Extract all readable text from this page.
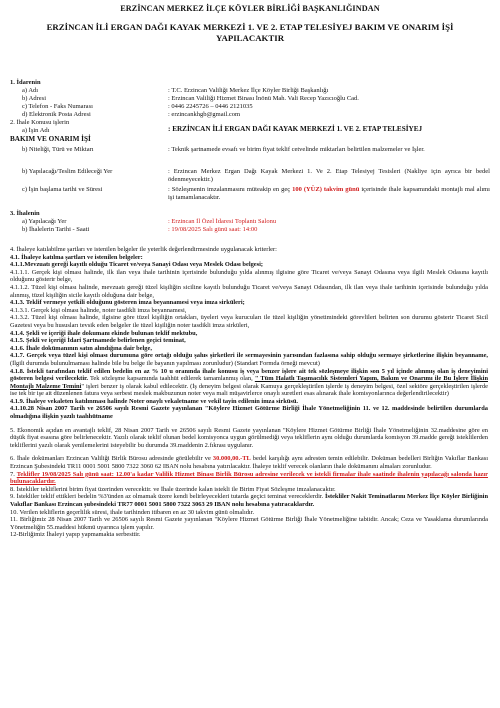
ERZİNCAN MERKEZ İLÇE KÖYLER BİRLİĞİ BAŞKANLIĞINDAN
ERZİNCAN İLİ ERGAN DAĞI KAYAK MERKEZİ 1. VE 2. ETAP TELESİYEJ BAKIM VE ONARIM İŞİ
YAPILACAKTIR
1. İdarenin
a) Adı	: T.C. Erzincan Valiliği Merkez İlçe Köyler Birliği Başkanlığı
b) Adresi	: Erzincan Valiliği Hizmet Binası İnönü Mah. Vali Recep Yazıcıoğlu Cad.
c) Telefon - Faks Numarası	: 0446 2245726 – 0446 2121035
d) Elektronik Posta Adresi	: erzincankhgb@gmail.com
2. İhale Konusu işlerin
a) İşin Adı	: ERZİNCAN İLİ ERGAN DAĞI KAYAK MERKEZİ 1. VE 2. ETAP TELESİYEJ
BAKIM VE ONARIM İŞİ
b) Niteliği, Türü ve Miktarı	: Teknik şartnamede evsafı ve birim fiyat teklif cetvelinde miktarları belirtilen malzemeler ve İşler.
b) Yapılacağı/Teslim Edileceği Yer	: Erzincan Merkez Ergan Dağı Kayak Merkezi 1. Ve 2. Etap Telesiyej Tesisleri (Nakliye için ayrıca bir bedel ödenmeyecektir.)
c) İşin başlama tarihi ve Süresi	: Sözleşmenin imzalanmasını müteakip en geç 100 (YÜZ) takvim günü içerisinde ihale kapsamındaki montajlı mal alımı işi tamamlanacaktır.
3. İhalenin
a) Yapılacağı Yer	: Erzincan İl Özel İdaresi Toplantı Salonu
b) İhalelerin Tarihi - Saati	: 19/08/2025 Salı günü saat: 14:00
4. İhaleye katılabilme şartları ve istenilen belgeler ile yeterlik değerlendirmesinde uygulanacak kriterler:
4.1. İhaleye katılma şartları ve istenilen belgeler:
4.1.1.Mevzuatı gereği kayıtlı olduğu Ticaret ve/veya Sanayi Odası veya Meslek Odası belgesi;
4.1.1.1. Gerçek kişi olması halinde, ilk ilan veya ihale tarihinin içerisinde bulunduğu yılda alınmış ilgisine göre Ticaret ve/veya Sanayi Odasına veya ilgili Meslek Odasına kayıtlı olduğunu gösterir belge,
4.1.1.2. Tüzel kişi olması halinde, mevzuatı gereği tüzel kişiliğin siciline kayıtlı bulunduğu Ticaret ve/veya Sanayi Odasından, ilk ilan veya ihale tarihinin içerisinde bulunduğu yılda alınmış, tüzel kişiliğin sicile kayıtlı olduğuna dair belge,
4.1.3. Teklif vermeye yetkili olduğunu gösteren imza beyannamesi veya imza sirküleri;
4.1.3.1. Gerçek kişi olması halinde, noter tasdikli imza beyannamesi,
4.1.3.2. Tüzel kişi olması halinde, ilgisine göre tüzel kişiliğin ortakları, üyeleri veya kurucuları ile tüzel kişiliğin yönetimindeki görevlileri belirten son durumu gösterir Ticaret Sicil Gazetesi veya bu hususları tevsik eden belgeler ile tüzel kişiliğin noter tasdikli imza sirküleri,
4.1.4. Şekli ve içeriği ihale dokumanı ekinde bulunan teklif mektubu,
4.1.5. Şekli ve içeriği İdari Şartnamede belirlenen geçici teminat,
4.1.6. İhale dokümanının satın alındığına dair belge,
4.1.7. Gerçek veya tüzel kişi olması durumuna göre ortağı olduğu şahıs şirketleri ile sermayesinin yarısından fazlasına sahip olduğu sermaye şirketlerine ilişkin beyanname, (İlgili durumda bulunulmaması halinde bile bu belge ile bayanın yapılması zorunludur) (Standart Formda örneği mevcut)
4.1.8. İstekli tarafından teklif edilen bedelin en az % 10 u oranında ihale konusu iş veya benzer işlere ait tek sözleşmeye ilişkin son 5 yıl içinde alınmış olan iş deneyimini gösteren belgesi verilecektir. Tek sözleşme kapsamında taahhüt edilerek tamamlanmış olan, " Tüm Halatlı Taşımacılık Sistemleri Yapım, Bakım ve Onarımı ile Bu İşlere İlişkin Montajlı Malzeme Temini" işleri benzer iş olarak kabul edilecektir. (İş deneyim belgesi olarak Kamuya gerçekleştirilen işlerde iş deneyim belgesi, özel sektöre gerçekleştirilen işlerde ise tek bir işe ait düzenlenen fatura veya serbest meslek makbuzunun noter veya mali müşavirlerce onaylı suretleri esas alınarak ihale komisyonlarınca değerlendirilecektir)
4.1.9. İhaleye vekaleten katılınması halinde Noter onaylı vekaletname ve vekil tayin edilenin imza sirküsü.
4.1.10.28 Nisan 2007 Tarih ve 26506 sayılı Resmi Gazete yayınlanan "Köylere Hizmet Götürme Birliği İhale Yönetmeliğinin 11. ve 12. maddesinde belirtilen durumlarda olmadığına ilişkin yazılı taahhütname
5. Ekonomik açıdan en avantajlı teklif, 28 Nisan 2007 Tarih ve 26506 sayılı Resmi Gazete yayınlanan "Köylere Hizmet Götürme Birliği İhale Yönetmeliğinin 32.maddesine göre en düşük fiyat esasına göre belirlenecektir. Yazılı olarak teklif olunan bedel komisyonca uygun görülmediği veya tekliflerin aynı olduğu durumlarda komisyon 39.madde gereği isteklilerden tekliflerini yazılı olarak yenilemelerini isteyebilir bu durumda 39.maddenin 2.fıkrası uygulanır.
6. İhale dokümanları Erzincan Valiliği Birlik Bürosu adresinde görülebilir ve 30.000,00.-TL bedel karşılığı aynı adresten temin edilebilir. Doküman bedelleri Birliğin Vakıflar Bankası Erzincan Şubesindeki TR11 0001 5001 5800 7322 3060 62 IBAN nolu hesabına yatırılacaktır. İhaleye teklif verecek olanların ihale dokümanını almaları zorunludur.
7. Teklifler 19/08/2025 Salı günü saat: 12.00'a kadar Valilik Hizmet Binası Birlik Bürosu adresine verilecek ve istekli firmalar ihale saatinde ihalenin yapılacağı salonda hazır bulunacaklardır.
8. İstekliler tekliflerini birim fiyat üzerinden verecektir. ve İhale üzerinde kalan istekli ile Birim Fiyat Sözleşme imzalanacaktır.
9. İstekliler teklif ettikleri bedelin %3'ünden az olmamak üzere kendi belirleyecekleri tutarda geçici teminat vereceklerdir. İstekliler Nakit Teminatlarını Merkez İlçe Köyler Birliğinin Vakıflar Bankası Erzincan şubesindeki TR77 0001 5001 5800 7322 3063 29 IBAN nolu hesabına yatıracaklardır.
10. Verilen tekliflerin geçerlilik süresi, ihale tarihinden itibaren en az 30 takvim günü olmalıdır.
11. Birliğimiz 28 Nisan 2007 Tarih ve 26506 sayılı Resmi Gazete yayınlanan "Köylere Hizmet Götürme Birliği İhale Yönetmeliğine tabiidir. Ancak; Ceza ve Yasaklama durumlarında Yönetmeliğin 55.maddesi hükmü uyarınca işlem yapılır.
12-Birliğimiz İhaleyi yapıp yapmamakta serbesttir.
